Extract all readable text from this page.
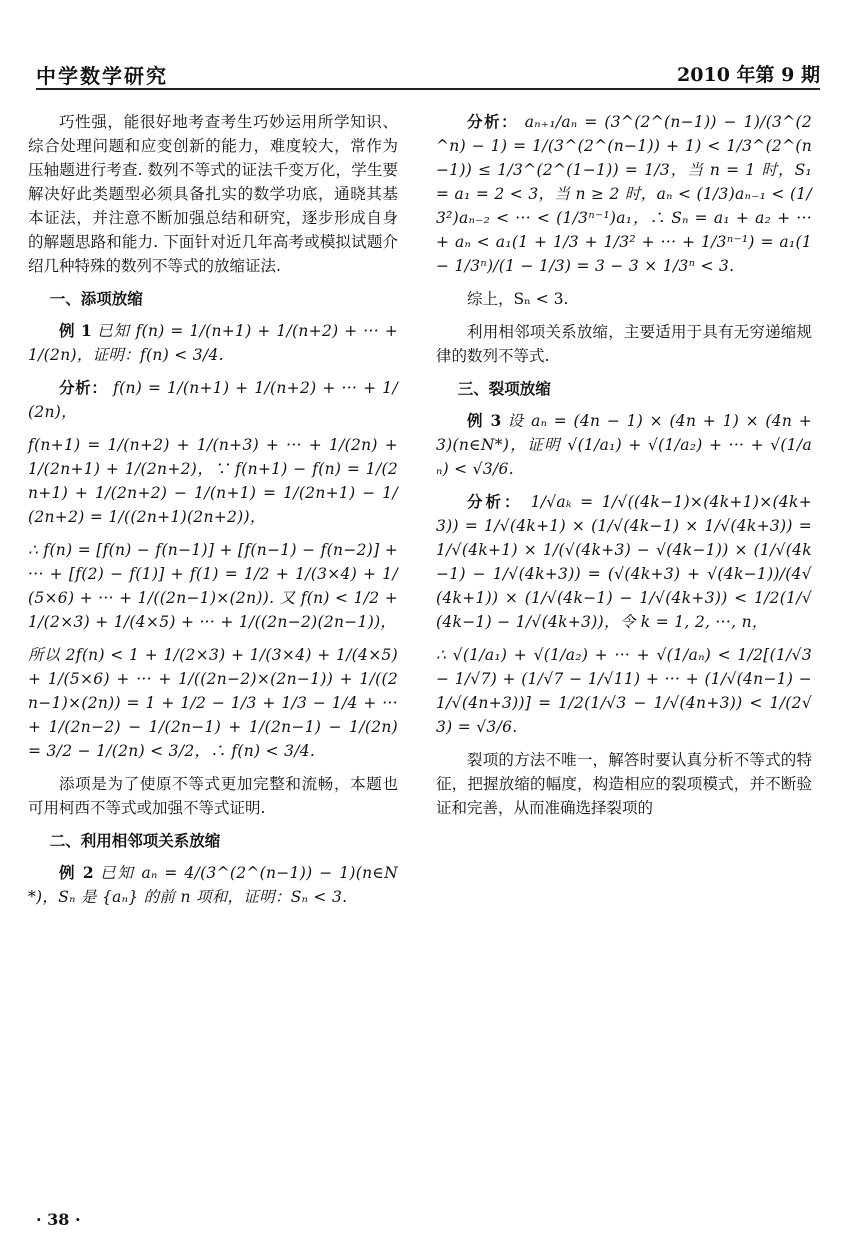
中学数学研究	2010 年第 9 期

巧性强，能很好地考查考生巧妙运用所学知识、综合处理问题和应变创新的能力，难度较大，常作为压轴题进行考查. 数列不等式的证法千变万化，学生要解决好此类题型必须具备扎实的数学功底，通晓其基本证法，并注意不断加强总结和研究，逐步形成自身的解题思路和能力. 下面针对近几年高考或模拟试题介绍几种特殊的数列不等式的放缩证法.

一、添项放缩

例 1 已知 f(n) = 1/(n+1) + 1/(n+2) + ··· + 1/(2n)，证明：f(n) < 3/4.

分析： f(n) = 1/(n+1) + 1/(n+2) + ··· + 1/(2n)，

f(n+1) = 1/(n+2) + 1/(n+3) + ··· + 1/(2n) + 1/(2n+1) + 1/(2n+2)，∵ f(n+1) − f(n) = 1/(2n+1) + 1/(2n+2) − 1/(n+1) = 1/(2n+1) − 1/(2n+2) = 1/((2n+1)(2n+2))，

∴ f(n) = [f(n) − f(n−1)] + [f(n−1) − f(n−2)] + ··· + [f(2) − f(1)] + f(1) = 1/2 + 1/(3×4) + 1/(5×6) + ··· + 1/((2n−1)×(2n)). 又 f(n) < 1/2 + 1/(2×3) + 1/(4×5) + ··· + 1/((2n−2)(2n−1))，

所以 2f(n) < 1 + 1/(2×3) + 1/(3×4) + 1/(4×5) + 1/(5×6) + ··· + 1/((2n−2)×(2n−1)) + 1/((2n−1)×(2n)) = 1 + 1/2 − 1/3 + 1/3 − 1/4 + ··· + 1/(2n−2) − 1/(2n−1) + 1/(2n−1) − 1/(2n) = 3/2 − 1/(2n) < 3/2，∴ f(n) < 3/4.

添项是为了使原不等式更加完整和流畅，本题也可用柯西不等式或加强不等式证明.

二、利用相邻项关系放缩

例 2 已知 aₙ = 4/(3^(2^(n−1)) − 1)(n∈N*)，Sₙ 是 {aₙ} 的前 n 项和，证明：Sₙ < 3.

分析： aₙ₊₁/aₙ = (3^(2^(n−1)) − 1)/(3^(2^n) − 1) = 1/(3^(2^(n−1)) + 1) < 1/3^(2^(n−1)) ≤ 1/3^(2^(1−1)) = 1/3，当 n = 1 时，S₁ = a₁ = 2 < 3，当 n ≥ 2 时，aₙ < (1/3)aₙ₋₁ < (1/3²)aₙ₋₂ < ··· < (1/3ⁿ⁻¹)a₁，∴ Sₙ = a₁ + a₂ + ··· + aₙ < a₁(1 + 1/3 + 1/3² + ··· + 1/3ⁿ⁻¹) = a₁(1 − 1/3ⁿ)/(1 − 1/3) = 3 − 3 × 1/3ⁿ < 3.

综上，Sₙ < 3.

利用相邻项关系放缩，主要适用于具有无穷递缩规律的数列不等式.

三、裂项放缩

例 3 设 aₙ = (4n − 1) × (4n + 1) × (4n + 3)(n∈N*)，证明 √(1/a₁) + √(1/a₂) + ··· + √(1/aₙ) < √3/6.

分析： 1/√aₖ = 1/√((4k−1)×(4k+1)×(4k+3)) = 1/√(4k+1) × (1/√(4k−1) × 1/√(4k+3)) = 1/√(4k+1) × 1/(√(4k+3) − √(4k−1)) × (1/√(4k−1) − 1/√(4k+3)) = (√(4k+3) + √(4k−1))/(4√(4k+1)) × (1/√(4k−1) − 1/√(4k+3)) < 1/2(1/√(4k−1) − 1/√(4k+3))，令 k = 1, 2, ···, n，

∴ √(1/a₁) + √(1/a₂) + ··· + √(1/aₙ) < 1/2[(1/√3 − 1/√7) + (1/√7 − 1/√11) + ··· + (1/√(4n−1) − 1/√(4n+3))] = 1/2(1/√3 − 1/√(4n+3)) < 1/(2√3) = √3/6.

裂项的方法不唯一，解答时要认真分析不等式的特征，把握放缩的幅度，构造相应的裂项模式，并不断验证和完善，从而准确选择裂项的

· 38 ·
